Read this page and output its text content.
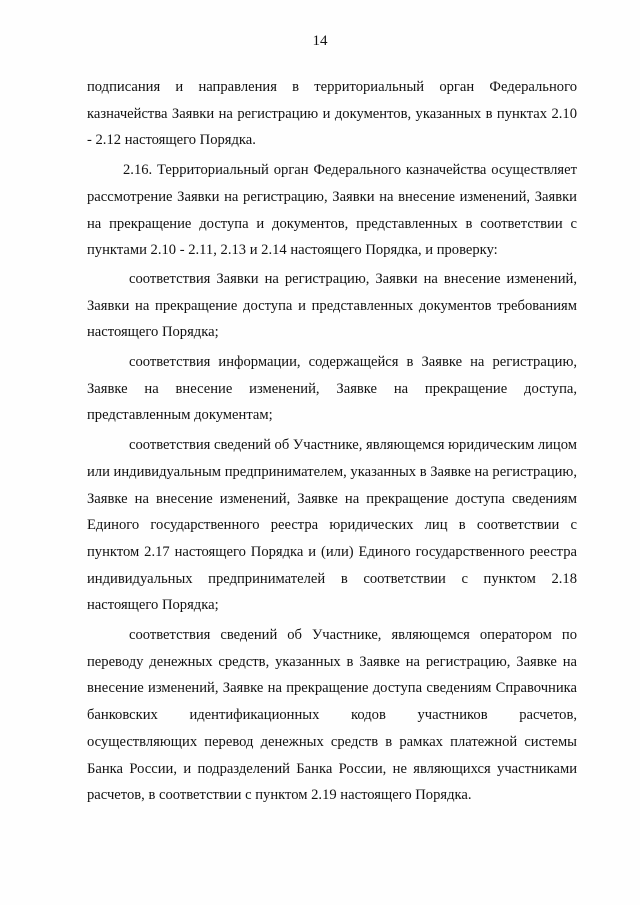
14

подписания и направления в территориальный орган Федерального казначейства Заявки на регистрацию и документов, указанных в пунктах 2.10 - 2.12 настоящего Порядка.

2.16. Территориальный орган Федерального казначейства осуществляет рассмотрение Заявки на регистрацию, Заявки на внесение изменений, Заявки на прекращение доступа и документов, представленных в соответствии с пунктами 2.10 - 2.11, 2.13 и 2.14 настоящего Порядка, и проверку:

соответствия Заявки на регистрацию, Заявки на внесение изменений, Заявки на прекращение доступа и представленных документов требованиям настоящего Порядка;

соответствия информации, содержащейся в Заявке на регистрацию, Заявке на внесение изменений, Заявке на прекращение доступа, представленным документам;

соответствия сведений об Участнике, являющемся юридическим лицом или индивидуальным предпринимателем, указанных в Заявке на регистрацию, Заявке на внесение изменений, Заявке на прекращение доступа сведениям Единого государственного реестра юридических лиц в соответствии с пунктом 2.17 настоящего Порядка и (или) Единого государственного реестра индивидуальных предпринимателей в соответствии с пунктом 2.18 настоящего Порядка;

соответствия сведений об Участнике, являющемся оператором по переводу денежных средств, указанных в Заявке на регистрацию, Заявке на внесение изменений, Заявке на прекращение доступа сведениям Справочника банковских идентификационных кодов участников расчетов, осуществляющих перевод денежных средств в рамках платежной системы Банка России, и подразделений Банка России, не являющихся участниками расчетов, в соответствии с пунктом 2.19 настоящего Порядка.
